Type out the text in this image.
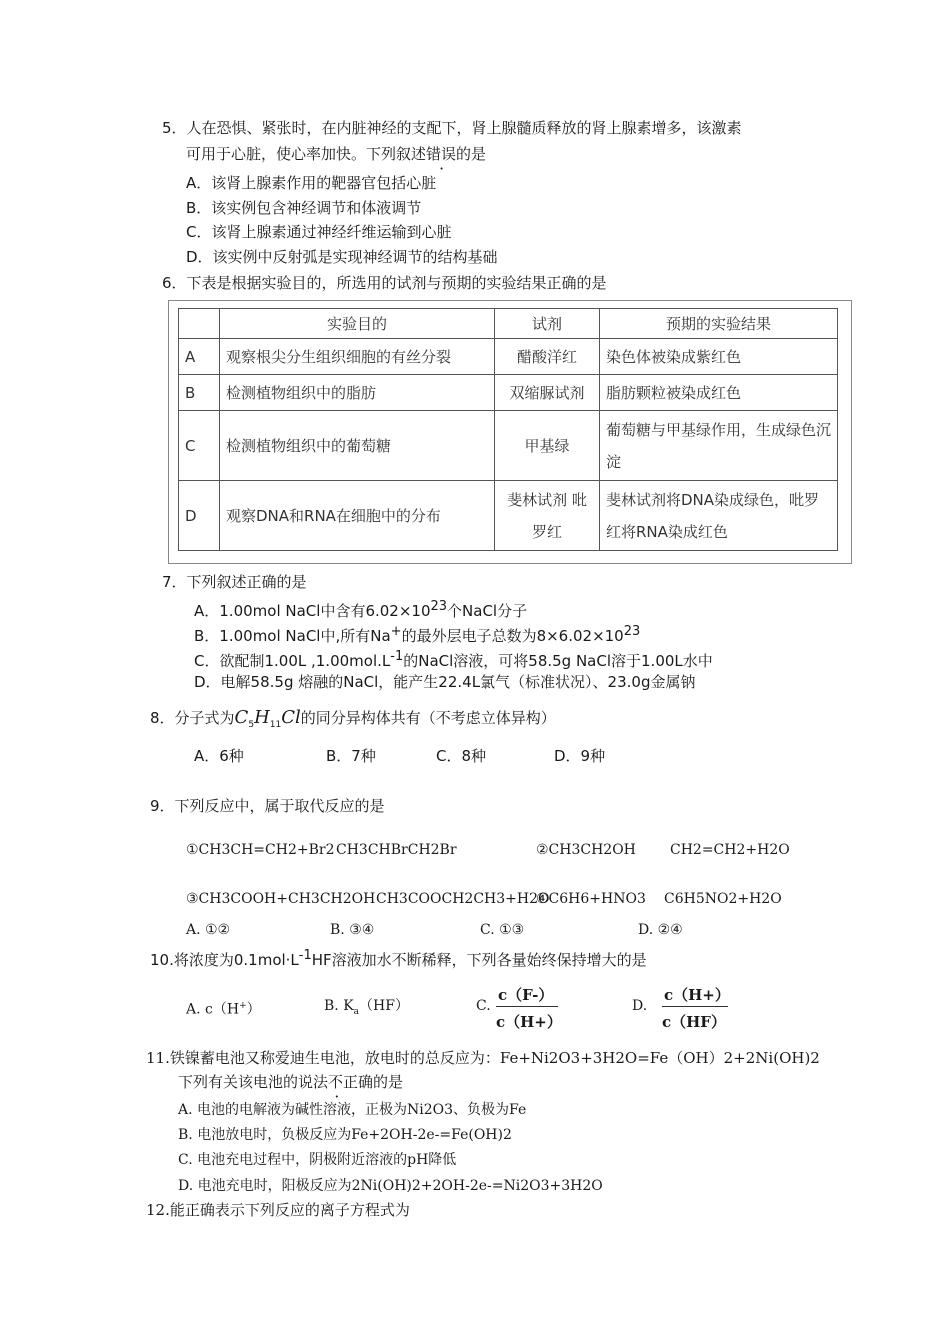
5．人在恐惧、紧张时，在内脏神经的支配下，肾上腺髓质释放的肾上腺素增多，该激素
可用于心脏，使心率加快。下列叙述错误的是
A．该肾上腺素作用的靶器官包括心脏
B．该实例包含神经调节和体液调节
C．该肾上腺素通过神经纤维运输到心脏
D．该实例中反射弧是实现神经调节的结构基础
6．下表是根据实验目的，所选用的试剂与预期的实验结果正确的是
	实验目的	试剂	预期的实验结果
A	观察根尖分生组织细胞的有丝分裂	醋酸洋红	染色体被染成紫红色
B	检测植物组织中的脂肪	双缩脲试剂	脂肪颗粒被染成红色
C	检测植物组织中的葡萄糖	甲基绿	葡萄糖与甲基绿作用，生成绿色沉淀
D	观察DNA和RNA在细胞中的分布	斐林试剂 吡罗红	斐林试剂将DNA染成绿色，吡罗红将RNA染成红色
7．下列叙述正确的是
A．1.00mol NaCl中含有$6.02\times 10^{23}$个NaCl分子
B．1.00mol NaCl中,所有Na+的最外层电子总数为$8\times 6.02\times 10^{23}$
C．欲配制1.00L $,1.00mol.L^{-1}$的NaCl溶液，可将58.5g NaCl溶于1.00L水中
D．电解58.5g 熔融的NaCl，能产生22.4L氯气（标准状况）、23.0g金属钠
8．分子式为$C_5H_{11}Cl$的同分异构体共有（不考虑立体异构）
A．6种	B．7种	C．8种	D．9种
9．下列反应中，属于取代反应的是
①CH3CH=CH2+Br2 CH3CHBrCH2Br	②CH3CH2OH CH2=CH2+H2O
③CH3COOH+CH3CH2OH CH3COOCH2CH3+H2O
④C6H6+HNO3 C6H5NO2+H2O
A. ①②	B. ③④	C. ①③	D. ②④
10.将浓度为$0.1mol\cdot L^{-1}HF$溶液加水不断稀释，下列各量始终保持增大的是
A. c（H+）	B. $K_a(HF)$	C.
c（F-）
c（H+）
D.
c（H+）
c（HF）
11.铁镍蓄电池又称爱迪生电池，放电时的总反应为：Fe+Ni2O3+3H2O=Fe（OH）2+2Ni(OH)2
下列有关该电池的说法不正确的是
A. 电池的电解液为碱性溶液，正极为Ni2O3、负极为Fe
B. 电池放电时，负极反应为Fe+2OH-2e-=Fe(OH)2
C. 电池充电过程中，阴极附近溶液的pH降低
D. 电池充电时，阳极反应为2Ni(OH)2+2OH-2e-=Ni2O3+3H2O
12.能正确表示下列反应的离子方程式为
